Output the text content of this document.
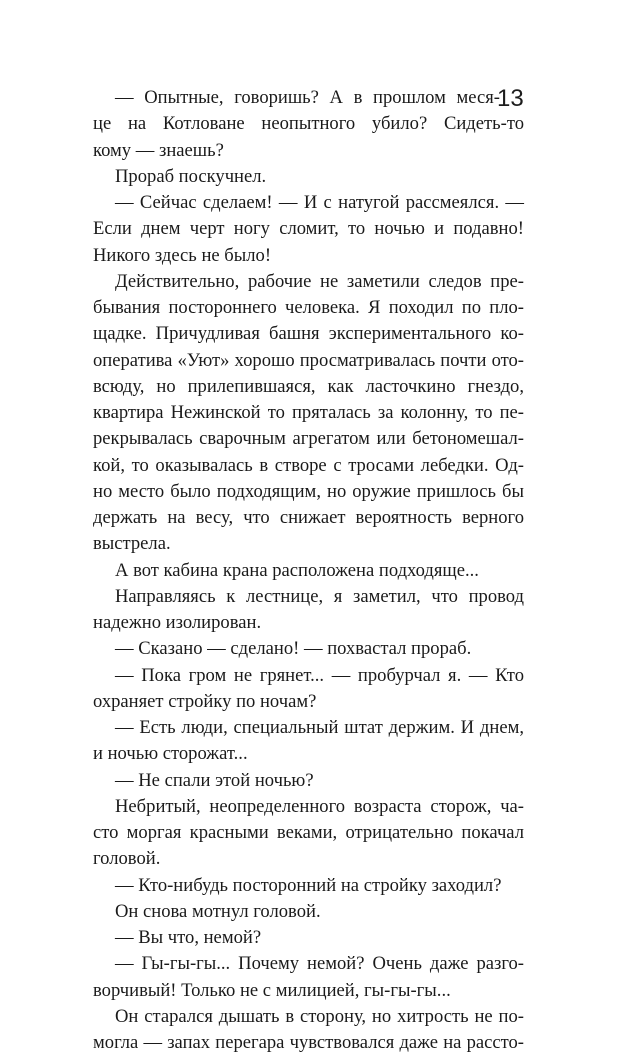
13
— Опытные, говоришь? А в прошлом меся-
це на Котловане неопытного убило? Сидеть-то
кому — знаешь?
Прораб поскучнел.
— Сейчас сделаем! — И с натугой рассмеялся. —
Если днем черт ногу сломит, то ночью и подавно!
Никого здесь не было!
Действительно, рабочие не заметили следов пре-
бывания постороннего человека. Я походил по пло-
щадке. Причудливая башня экспериментального ко-
оператива «Уют» хорошо просматривалась почти ото-
всюду, но прилепившаяся, как ласточкино гнездо,
квартира Нежинской то пряталась за колонну, то пе-
рекрывалась сварочным агрегатом или бетономешал-
кой, то оказывалась в створе с тросами лебедки. Од-
но место было подходящим, но оружие пришлось бы
держать на весу, что снижает вероятность верного
выстрела.
А вот кабина крана расположена подходяще...
Направляясь к лестнице, я заметил, что провод
надежно изолирован.
— Сказано — сделано! — похвастал прораб.
— Пока гром не грянет... — пробурчал я. — Кто
охраняет стройку по ночам?
— Есть люди, специальный штат держим. И днем,
и ночью сторожат...
— Не спали этой ночью?
Небритый, неопределенного возраста сторож, ча-
сто моргая красными веками, отрицательно покачал
головой.
— Кто-нибудь посторонний на стройку заходил?
Он снова мотнул головой.
— Вы что, немой?
— Гы-гы-гы... Почему немой? Очень даже разго-
ворчивый! Только не с милицией, гы-гы-гы...
Он старался дышать в сторону, но хитрость не по-
могла — запах перегара чувствовался даже на рассто-
